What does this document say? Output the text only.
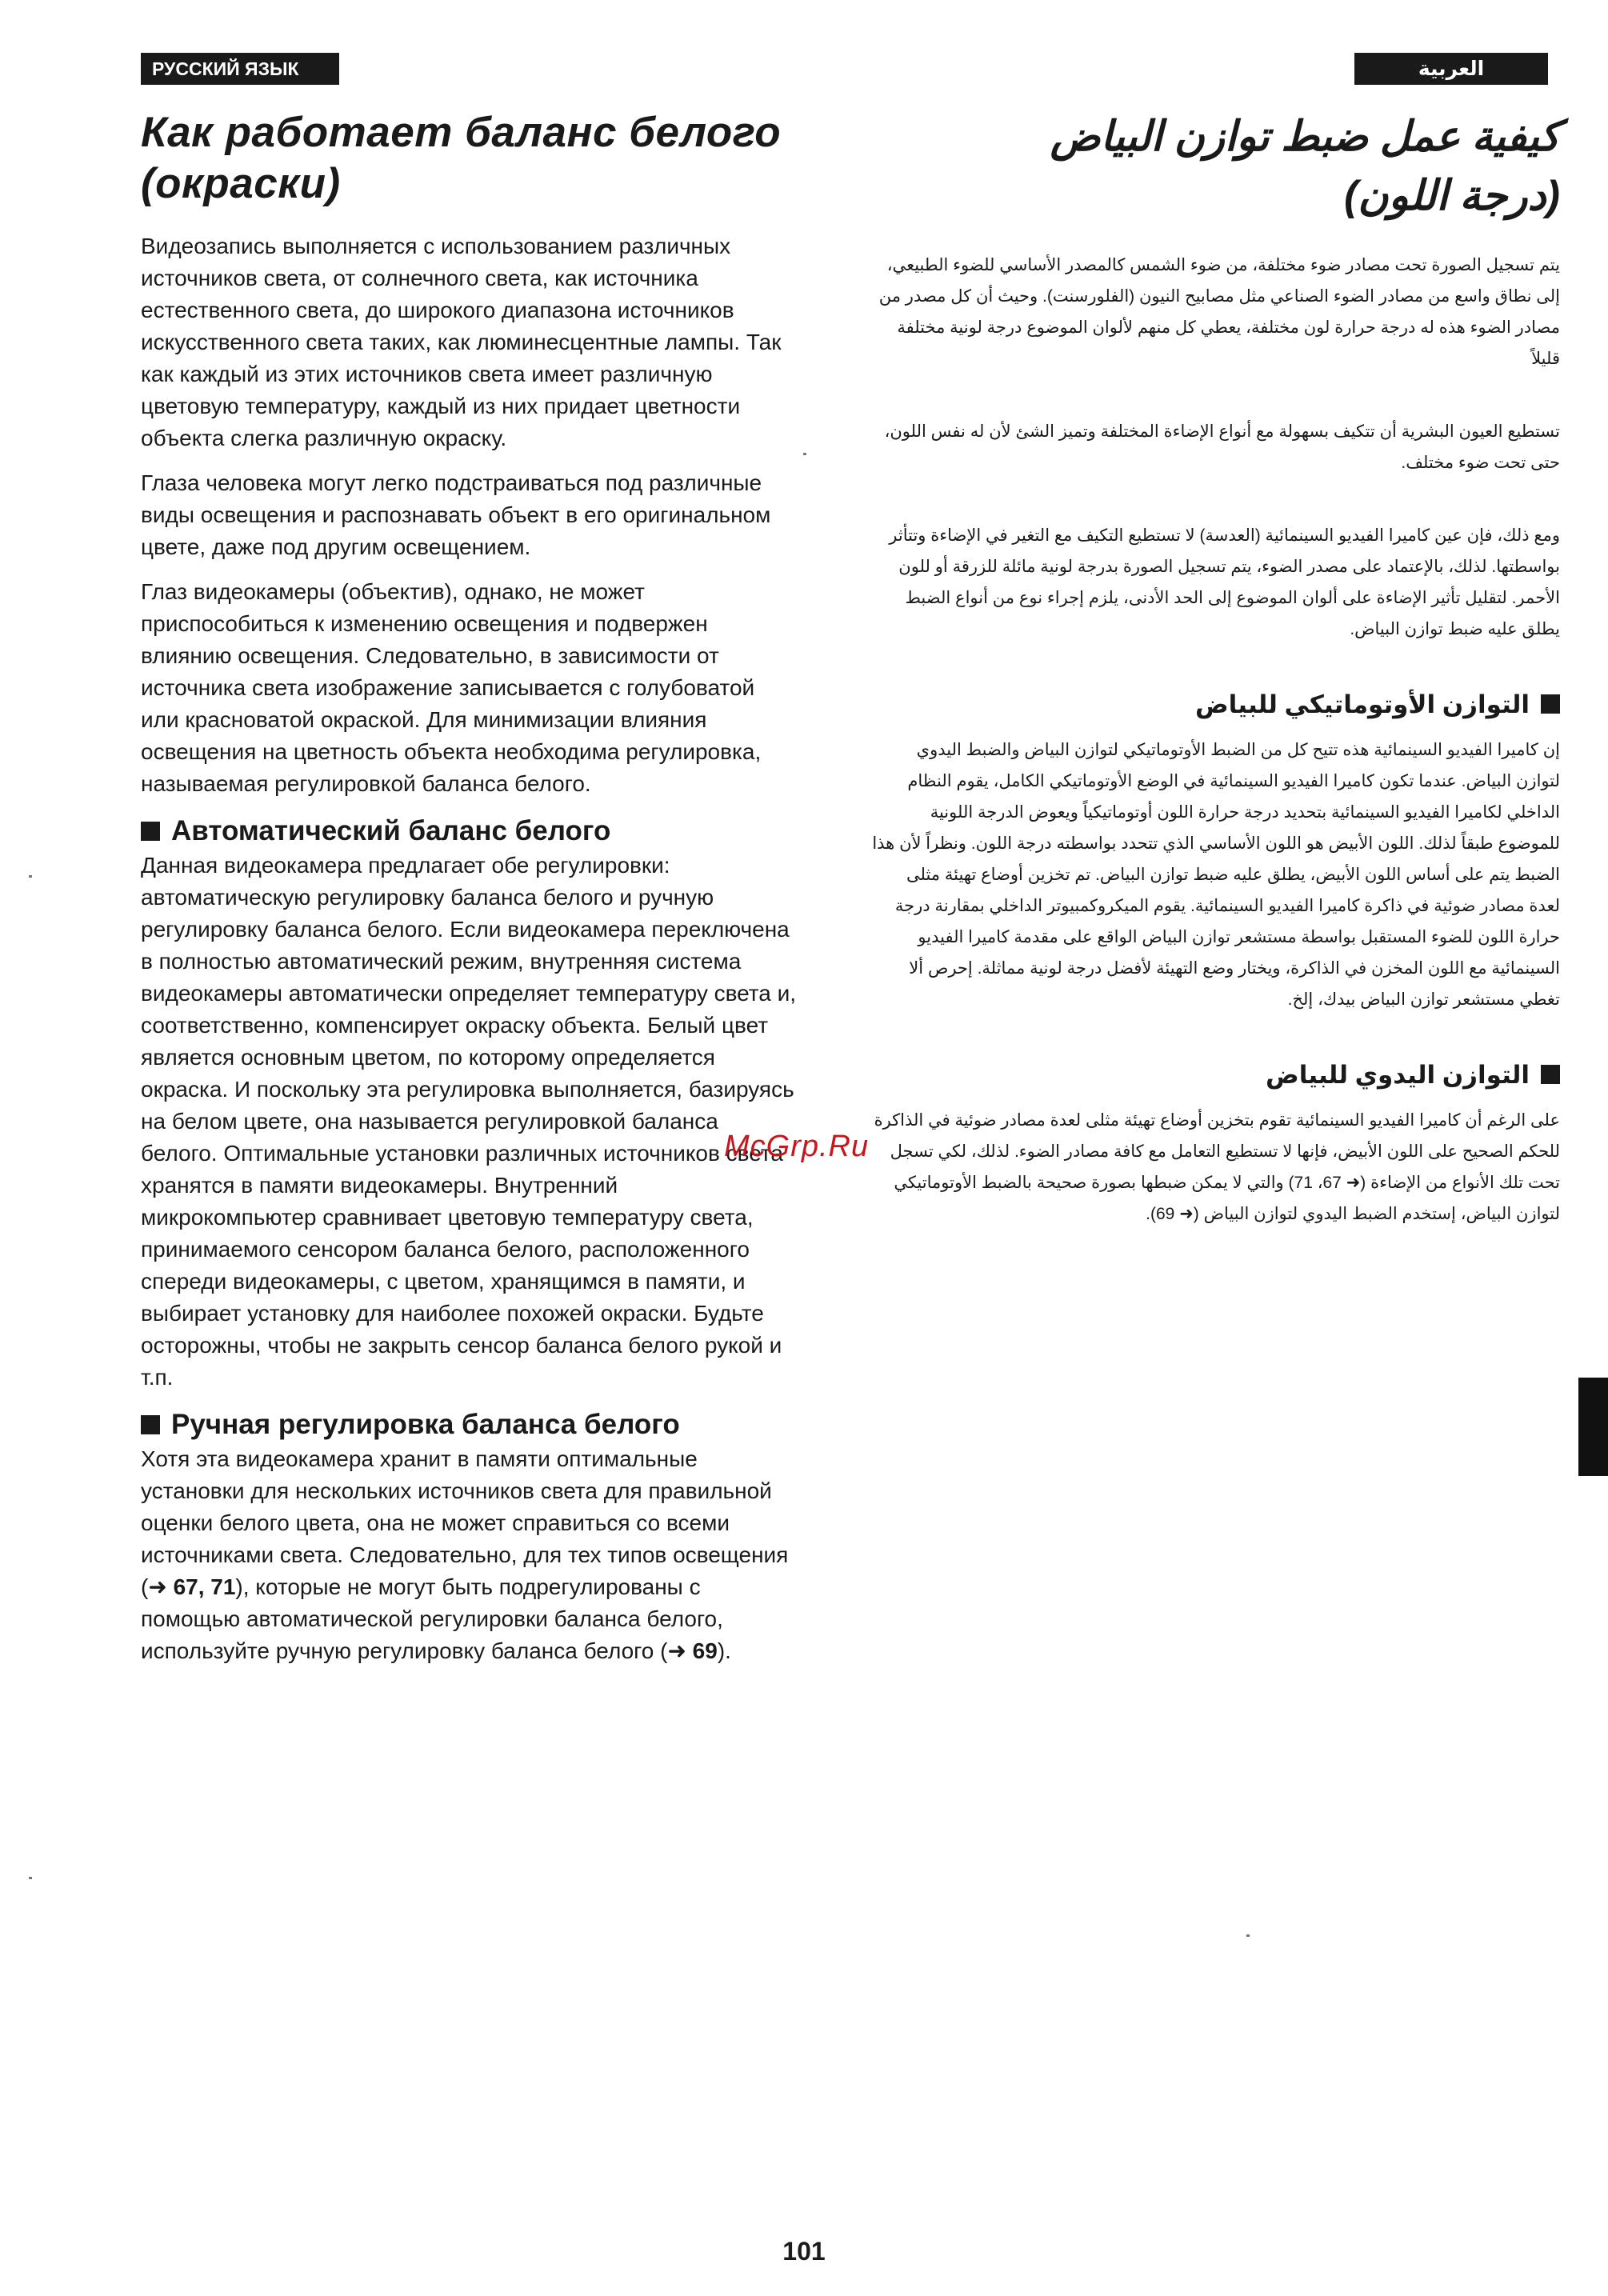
РУССКИЙ ЯЗЫК	العربية
Как работает баланс белого
(окраски)

Видеозапись выполняется с использованием различных источников света, от солнечного света, как источника естественного света, до широкого диапазона источников искусственного света таких, как люминесцентные лампы. Так как каждый из этих источников света имеет различную цветовую температуру, каждый из них придает цветности объекта слегка различную окраску.

Глаза человека могут легко подстраиваться под различные виды освещения и распознавать объект в его оригинальном цвете, даже под другим освещением.

Глаз видеокамеры (объектив), однако, не может приспособиться к изменению освещения и подвержен влиянию освещения. Следовательно, в зависимости от источника света изображение записывается с голубоватой или красноватой окраской. Для минимизации влияния освещения на цветность объекта необходима регулировка, называемая регулировкой баланса белого.

Автоматический баланс белого

Данная видеокамера предлагает обе регулировки: автоматическую регулировку баланса белого и ручную регулировку баланса белого. Если видеокамера переключена в полностью автоматический режим, внутренняя система видеокамеры автоматически определяет температуру света и, соответственно, компенсирует окраску объекта. Белый цвет является основным цветом, по которому определяется окраска. И поскольку эта регулировка выполняется, базируясь на белом цвете, она называется регулировкой баланса белого. Оптимальные установки различных источников света хранятся в памяти видеокамеры. Внутренний микрокомпьютер сравнивает цветовую температуру света, принимаемого сенсором баланса белого, расположенного спереди видеокамеры, с цветом, хранящимся в памяти, и выбирает установку для наиболее похожей окраски. Будьте осторожны, чтобы не закрыть сенсор баланса белого рукой и т.п.

Ручная регулировка баланса белого

Хотя эта видеокамера хранит в памяти оптимальные установки для нескольких источников света для правильной оценки белого цвета, она не может справиться со всеми источниками света. Следовательно, для тех типов освещения (➜ 67, 71), которые не могут быть подрегулированы с помощью автоматической регулировки баланса белого, используйте ручную регулировку баланса белого (➜ 69).

كيفية عمل ضبط توازن البياض
(درجة اللون)

يتم تسجيل الصورة تحت مصادر ضوء مختلفة، من ضوء الشمس كالمصدر الأساسي للضوء الطبيعي، إلى نطاق واسع من مصادر الضوء الصناعي مثل مصابيح النيون (الفلورسنت). وحيث أن كل مصدر من مصادر الضوء هذه له درجة حرارة لون مختلفة، يعطي كل منهم لألوان الموضوع درجة لونية مختلفة قليلاً

تستطيع العيون البشرية أن تتكيف بسهولة مع أنواع الإضاءة المختلفة وتميز الشئ لأن له نفس اللون، حتى تحت ضوء مختلف.

ومع ذلك، فإن عين كاميرا الفيديو السينمائية (العدسة) لا تستطيع التكيف مع التغير في الإضاءة وتتأثر بواسطتها. لذلك، بالإعتماد على مصدر الضوء، يتم تسجيل الصورة بدرجة لونية مائلة للزرقة أو للون الأحمر. لتقليل تأثير الإضاءة على ألوان الموضوع إلى الحد الأدنى، يلزم إجراء نوع من أنواع الضبط يطلق عليه ضبط توازن البياض.

التوازن الأوتوماتيكي للبياض

إن كاميرا الفيديو السينمائية هذه تتيح كل من الضبط الأوتوماتيكي لتوازن البياض والضبط اليدوي لتوازن البياض. عندما تكون كاميرا الفيديو السينمائية في الوضع الأوتوماتيكي الكامل، يقوم النظام الداخلي لكاميرا الفيديو السينمائية بتحديد درجة حرارة اللون أوتوماتيكياً ويعوض الدرجة اللونية للموضوع طبقاً لذلك. اللون الأبيض هو اللون الأساسي الذي تتحدد بواسطته درجة اللون. ونظراً لأن هذا الضبط يتم على أساس اللون الأبيض، يطلق عليه ضبط توازن البياض. تم تخزين أوضاع تهيئة مثلى لعدة مصادر ضوئية في ذاكرة كاميرا الفيديو السينمائية. يقوم الميكروكمبيوتر الداخلي بمقارنة درجة حرارة اللون للضوء المستقبل بواسطة مستشعر توازن البياض الواقع على مقدمة كاميرا الفيديو السينمائية مع اللون المخزن في الذاكرة، ويختار وضع التهيئة لأفضل درجة لونية مماثلة. إحرص ألا تغطي مستشعر توازن البياض بيدك، إلخ.

التوازن اليدوي للبياض

على الرغم أن كاميرا الفيديو السينمائية تقوم بتخزين أوضاع تهيئة مثلى لعدة مصادر ضوئية في الذاكرة للحكم الصحيح على اللون الأبيض، فإنها لا تستطيع التعامل مع كافة مصادر الضوء. لذلك، لكي تسجل تحت تلك الأنواع من الإضاءة (➜ 67، 71) والتي لا يمكن ضبطها بصورة صحيحة بالضبط الأوتوماتيكي لتوازن البياض، إستخدم الضبط اليدوي لتوازن البياض (➜ 69).

McGrp.Ru
101
